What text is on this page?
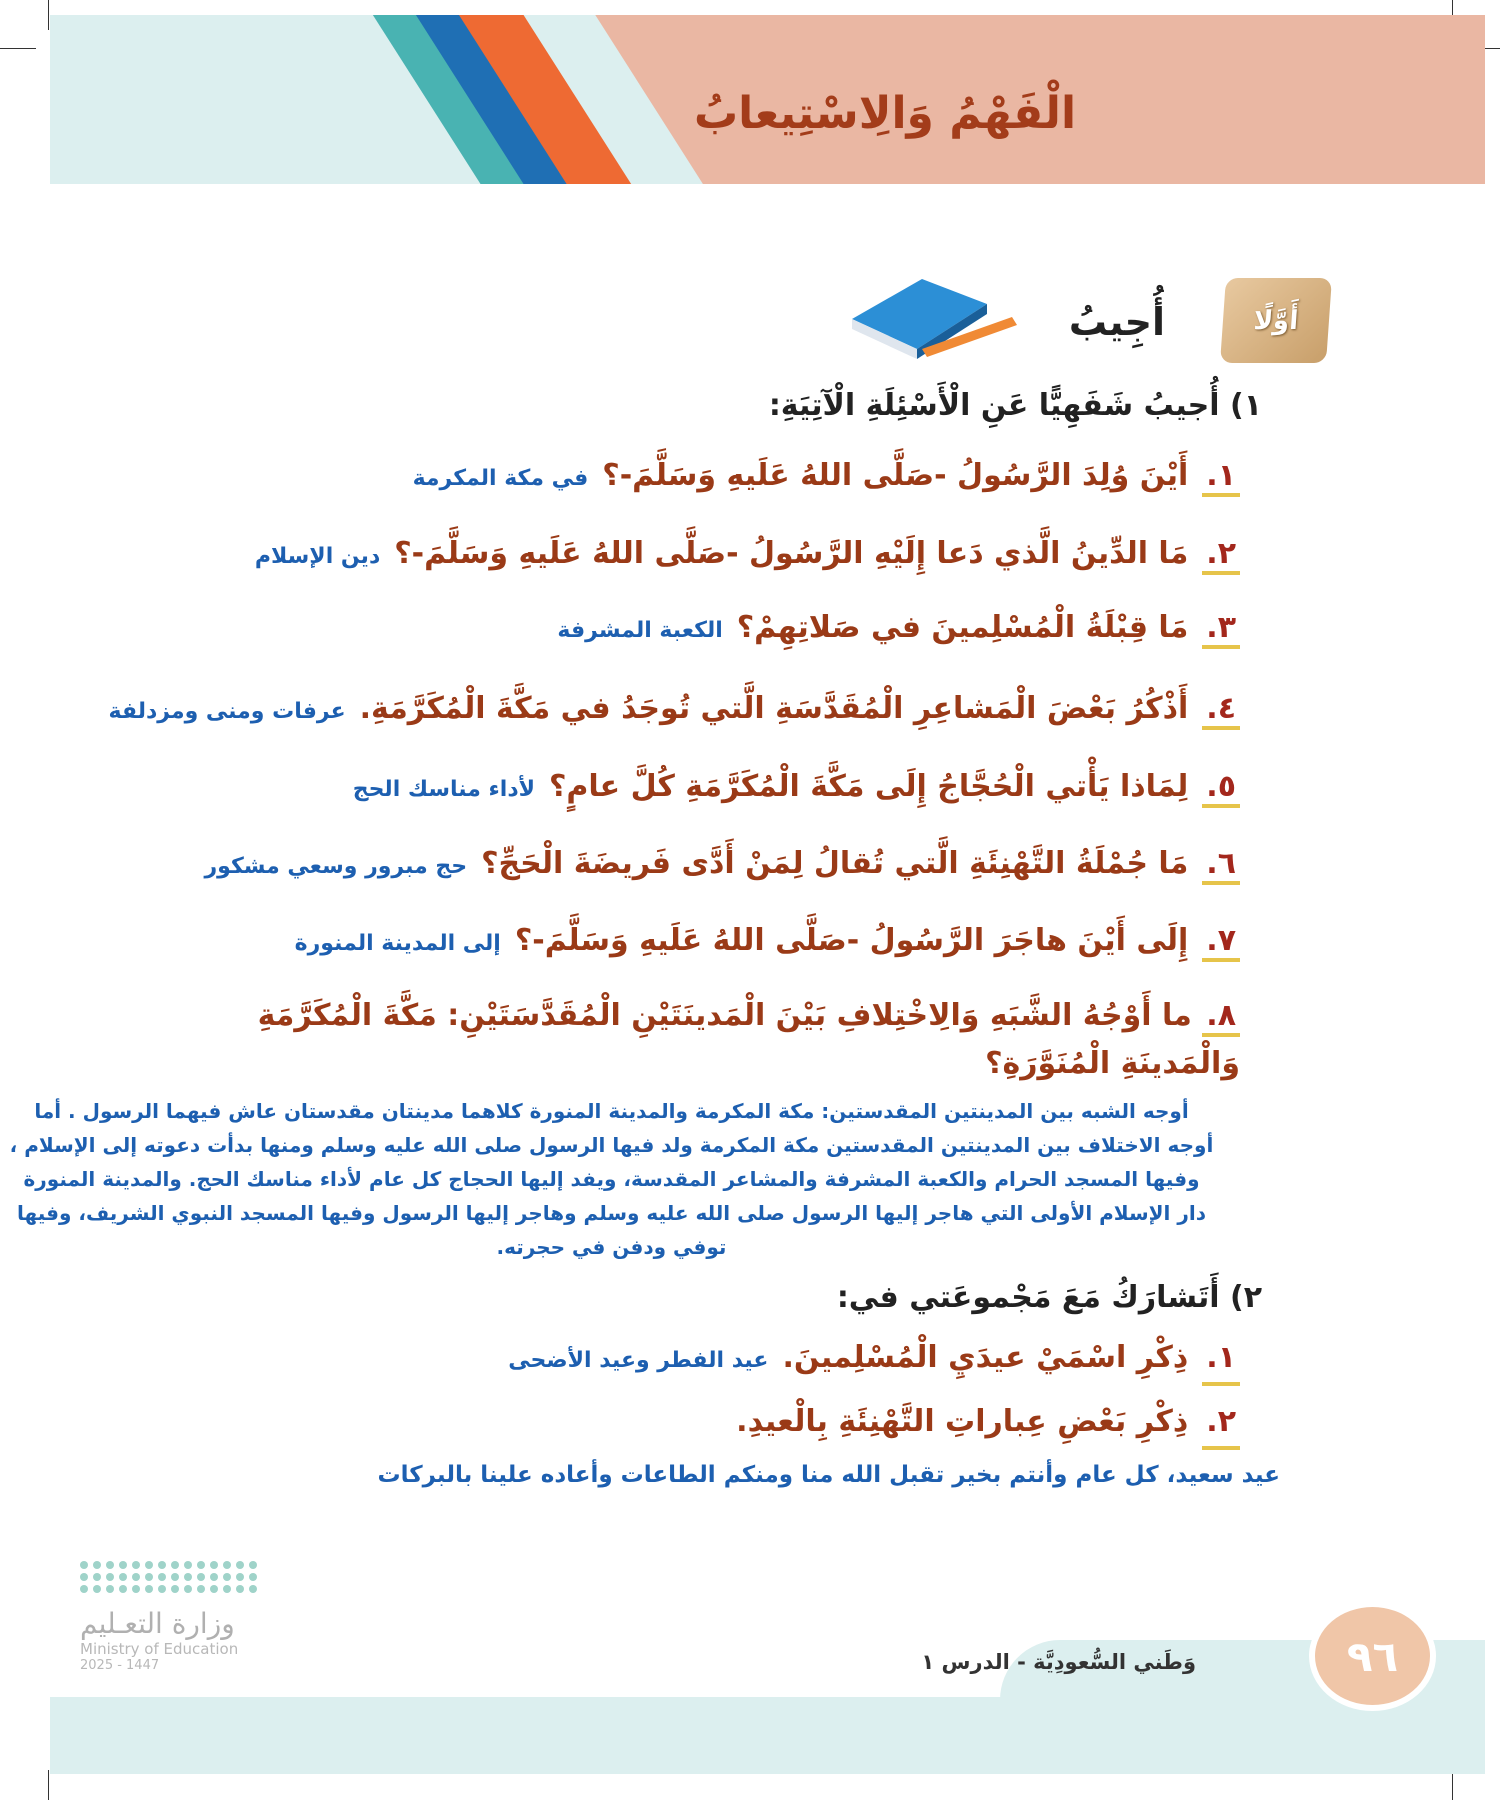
الْفَهْمُ وَالِاسْتِيعابُ
أَوَّلًا
أُجِيبُ
١) أُجيبُ شَفَهِيًّا عَنِ الْأَسْئِلَةِ الْآتِيَةِ:
١.
أَيْنَ وُلِدَ الرَّسُولُ -صَلَّى اللهُ عَلَيهِ وَسَلَّمَ-؟
في مكة المكرمة
٢.
مَا الدِّينُ الَّذي دَعا إِلَيْهِ الرَّسُولُ -صَلَّى اللهُ عَلَيهِ وَسَلَّمَ-؟
دين الإسلام
٣.
مَا قِبْلَةُ الْمُسْلِمينَ في صَلاتِهِمْ؟
الكعبة المشرفة
٤.
أَذْكُرُ بَعْضَ الْمَشاعِرِ الْمُقَدَّسَةِ الَّتي تُوجَدُ في مَكَّةَ الْمُكَرَّمَةِ.
عرفات ومنى ومزدلفة
٥.
لِمَاذا يَأْتي الْحُجَّاجُ إِلَى مَكَّةَ الْمُكَرَّمَةِ كُلَّ عامٍ؟
لأداء مناسك الحج
٦.
مَا جُمْلَةُ التَّهْنِئَةِ الَّتي تُقالُ لِمَنْ أَدَّى فَريضَةَ الْحَجِّ؟
حج مبرور وسعي مشكور
٧.
إِلَى أَيْنَ هاجَرَ الرَّسُولُ -صَلَّى اللهُ عَلَيهِ وَسَلَّمَ-؟
إلى المدينة المنورة
٨. ما أَوْجُهُ الشَّبَهِ وَالِاخْتِلافِ بَيْنَ الْمَدينَتَيْنِ الْمُقَدَّسَتَيْنِ: مَكَّةَ الْمُكَرَّمَةِ وَالْمَدينَةِ الْمُنَوَّرَةِ؟
أوجه الشبه بين المدينتين المقدستين: مكة المكرمة والمدينة المنورة كلاهما مدينتان مقدستان عاش فيهما الرسول . أما أوجه الاختلاف بين المدينتين المقدستين مكة المكرمة ولد فيها الرسول صلى الله عليه وسلم ومنها بدأت دعوته إلى الإسلام ، وفيها المسجد الحرام والكعبة المشرفة والمشاعر المقدسة، ويفد إليها الحجاج كل عام لأداء مناسك الحج. والمدينة المنورة دار الإسلام الأولى التي هاجر إليها الرسول صلى الله عليه وسلم وهاجر إليها الرسول وفيها المسجد النبوي الشريف، وفيها توفي ودفن في حجرته.
٢) أَتَشارَكُ مَعَ مَجْموعَتي في:
١.
ذِكْرِ اسْمَيْ عيدَيِ الْمُسْلِمينَ.
عيد الفطر وعيد الأضحى
٢.
ذِكْرِ بَعْضِ عِباراتِ التَّهْنِئَةِ بِالْعيدِ.
عيد سعيد، كل عام وأنتم بخير تقبل الله منا ومنكم الطاعات وأعاده علينا بالبركات
٩٦
وَطَني السُّعودِيَّة - الدرس ١
وزارة التعـليم
Ministry of Education
2025 - 1447
